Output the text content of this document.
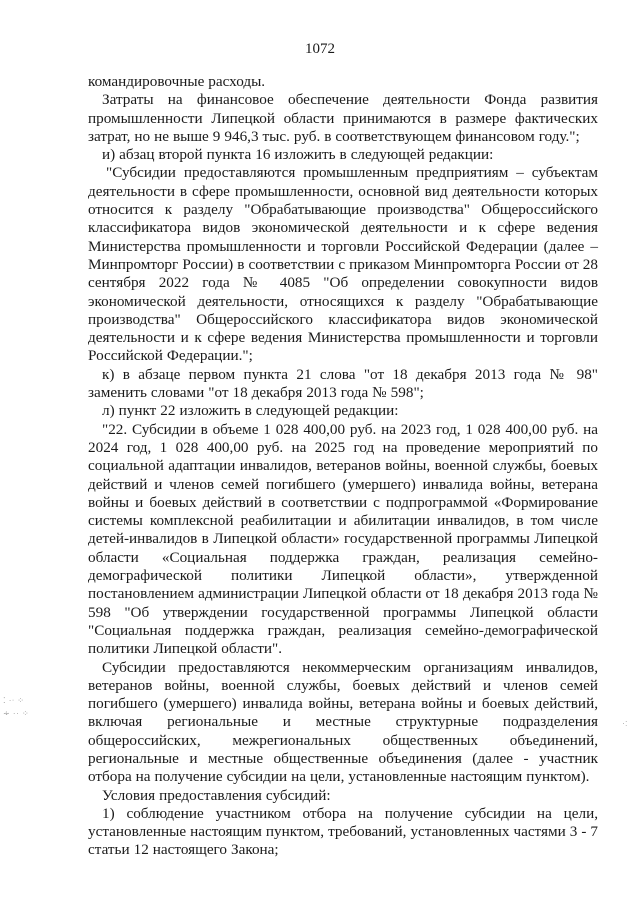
1072

командировочные расходы.

Затраты на финансовое обеспечение деятельности Фонда развития промышленности Липецкой области принимаются в размере фактических затрат, но не выше 9 946,3 тыс. руб. в соответствующем финансовом году.";

и) абзац второй пункта 16 изложить в следующей редакции:

"Субсидии предоставляются промышленным предприятиям – субъектам деятельности в сфере промышленности, основной вид деятельности которых относится к разделу "Обрабатывающие производства" Общероссийского классификатора видов экономической деятельности и к сфере ведения Министерства промышленности и торговли Российской Федерации (далее – Минпромторг России) в соответствии с приказом Минпромторга России от 28 сентября 2022 года № 4085 "Об определении совокупности видов экономической деятельности, относящихся к разделу "Обрабатывающие производства" Общероссийского классификатора видов экономической деятельности и к сфере ведения Министерства промышленности и торговли Российской Федерации.";

к) в абзаце первом пункта 21 слова "от 18 декабря 2013 года № 98" заменить словами "от 18 декабря 2013 года № 598";

л) пункт 22 изложить в следующей редакции:

"22. Субсидии в объеме 1 028 400,00 руб. на 2023 год, 1 028 400,00 руб. на 2024 год, 1 028 400,00 руб. на 2025 год на проведение мероприятий по социальной адаптации инвалидов, ветеранов войны, военной службы, боевых действий и членов семей погибшего (умершего) инвалида войны, ветерана войны и боевых действий в соответствии с подпрограммой «Формирование системы комплексной реабилитации и абилитации инвалидов, в том числе детей-инвалидов в Липецкой области» государственной программы Липецкой области «Социальная поддержка граждан, реализация семейно-демографической политики Липецкой области», утвержденной постановлением администрации Липецкой области от 18 декабря 2013 года № 598 "Об утверждении государственной программы Липецкой области "Социальная поддержка граждан, реализация семейно-демографической политики Липецкой области".

Субсидии предоставляются некоммерческим организациям инвалидов, ветеранов войны, военной службы, боевых действий и членов семей погибшего (умершего) инвалида войны, ветерана войны и боевых действий, включая региональные и местные структурные подразделения общероссийских, межрегиональных общественных объединений, региональные и местные общественные объединения (далее - участник отбора на получение субсидии на цели, установленные настоящим пунктом).

Условия предоставления субсидий:

1) соблюдение участником отбора на получение субсидии на цели, установленные настоящим пунктом, требований, установленных частями 3 - 7 статьи 12 настоящего Закона;

⁚ ·ᐧ ⁘
∻ ·· ⁘
·:
